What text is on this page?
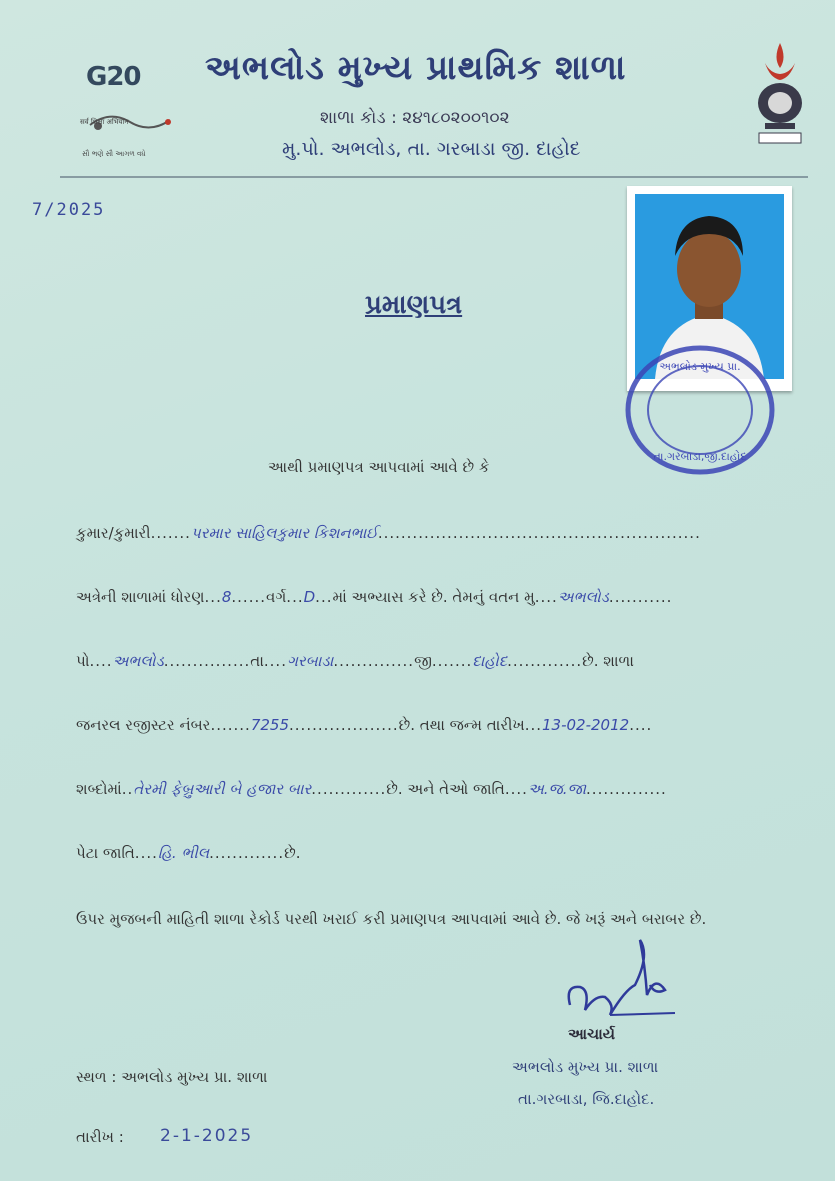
G20
सर्व शिक्षा अभियान
સૌ ભણે સૌ આગળ વધે
અભલોડ મુખ્ય પ્રાથમિક શાળા
શાળા કોડ : ૨૪૧૮૦૨૦૦૧૦૨
મુ.પો. અભલોડ, તા. ગરબાડા જી. દાહોદ
7/2025
તા.ગરબાડા,જી.દાહોદ
અભલોડ મુખ્ય પ્રા.
પ્રમાણપત્ર
આથી પ્રમાણપત્ર આપવામાં આવે છે કે
કુમાર/કુમારી.......પરમાર સાહિલકુમાર કિશનભાઈ........................................................
અત્રેની શાળામાં ધોરણ...8......વર્ગ...D...માં અભ્યાસ કરે છે. તેમનું વતન મુ....અભલોડ...........
પો....અભલોડ...............તા....ગરબાડા..............જી.......દાહોદ.............છે. શાળા
જનરલ રજીસ્ટર નંબર.......7255...................છે. તથા જન્મ તારીખ...13-02-2012....
શબ્દોમાં..તેરમી ફેબ્રુઆરી બે હજાર બાર.............છે. અને તેઓ જાતિ....અ.જ.જા..............
પેટા જાતિ....હિ. ભીલ.............છે.
ઉપર મુજબની માહિતી શાળા રેકોર્ડ પરથી ખરાઈ કરી પ્રમાણપત્ર આપવામાં આવે છે. જે ખરૂં અને બરાબર છે.
આચાર્ય
અભલોડ મુખ્ય પ્રા. શાળા
તા.ગરબાડા, જિ.દાહોદ.
સ્થળ : અભલોડ મુખ્ય પ્રા. શાળા
તારીખ : 2-1-2025
